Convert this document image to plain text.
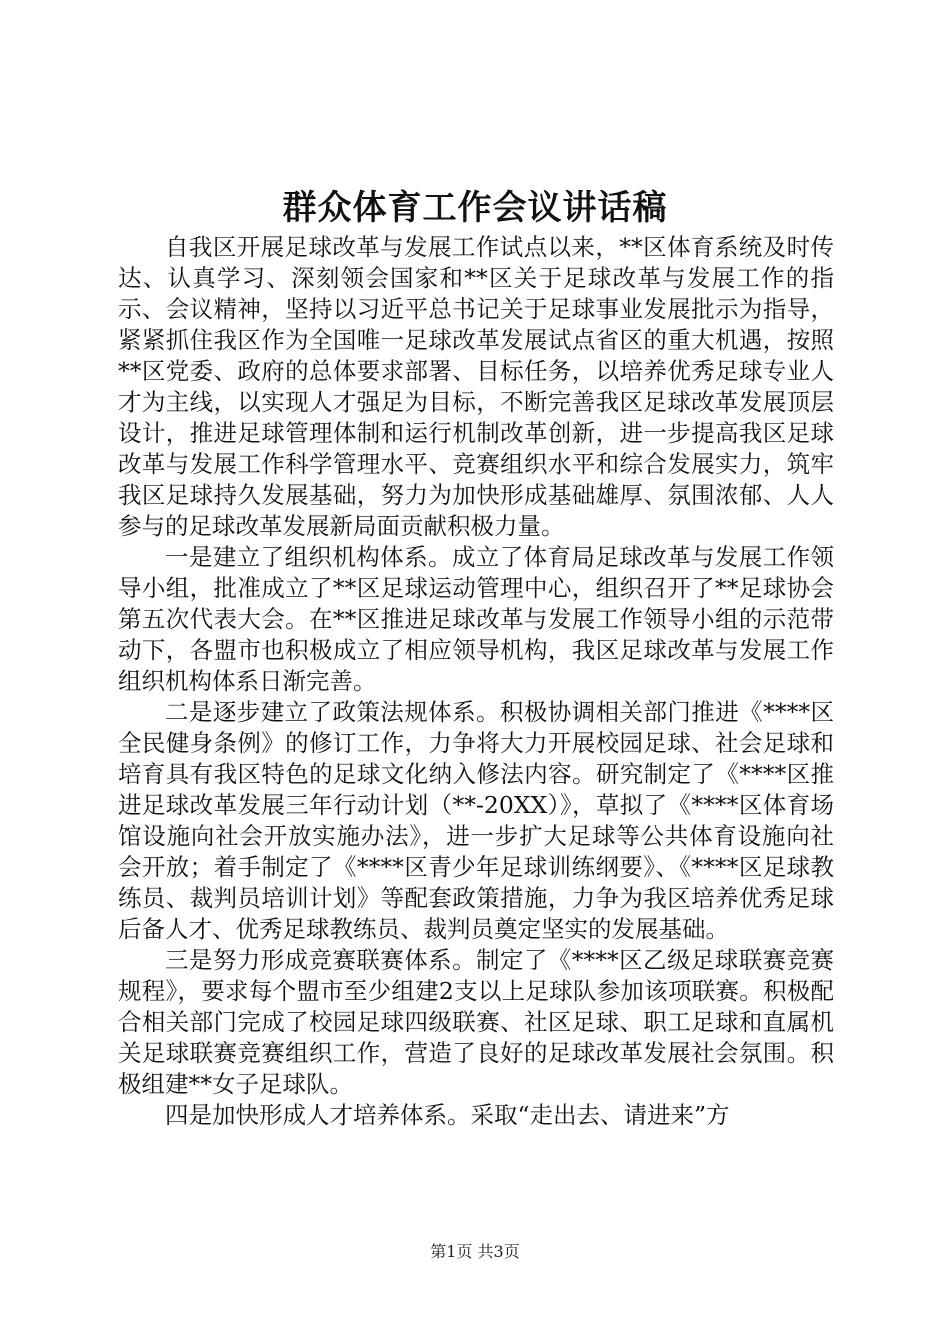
群众体育工作会议讲话稿

自我区开展足球改革与发展工作试点以来，**区体育系统及时传达、认真学习、深刻领会国家和**区关于足球改革与发展工作的指示、会议精神，坚持以习近平总书记关于足球事业发展批示为指导，紧紧抓住我区作为全国唯一足球改革发展试点省区的重大机遇，按照**区党委、政府的总体要求部署、目标任务，以培养优秀足球专业人才为主线，以实现人才强足为目标，不断完善我区足球改革发展顶层设计，推进足球管理体制和运行机制改革创新，进一步提高我区足球改革与发展工作科学管理水平、竞赛组织水平和综合发展实力，筑牢我区足球持久发展基础，努力为加快形成基础雄厚、氛围浓郁、人人参与的足球改革发展新局面贡献积极力量。

一是建立了组织机构体系。成立了体育局足球改革与发展工作领导小组，批准成立了**区足球运动管理中心，组织召开了**足球协会第五次代表大会。在**区推进足球改革与发展工作领导小组的示范带动下，各盟市也积极成立了相应领导机构，我区足球改革与发展工作组织机构体系日渐完善。

二是逐步建立了政策法规体系。积极协调相关部门推进《****区全民健身条例》的修订工作，力争将大力开展校园足球、社会足球和培育具有我区特色的足球文化纳入修法内容。研究制定了《****区推进足球改革发展三年行动计划（**-20XX）》，草拟了《****区体育场馆设施向社会开放实施办法》，进一步扩大足球等公共体育设施向社会开放；着手制定了《****区青少年足球训练纲要》、《****区足球教练员、裁判员培训计划》等配套政策措施，力争为我区培养优秀足球后备人才、优秀足球教练员、裁判员奠定坚实的发展基础。

三是努力形成竞赛联赛体系。制定了《****区乙级足球联赛竞赛规程》，要求每个盟市至少组建2支以上足球队参加该项联赛。积极配合相关部门完成了校园足球四级联赛、社区足球、职工足球和直属机关足球联赛竞赛组织工作，营造了良好的足球改革发展社会氛围。积极组建**女子足球队。

四是加快形成人才培养体系。采取“走出去、请进来”方

第1页 共3页
